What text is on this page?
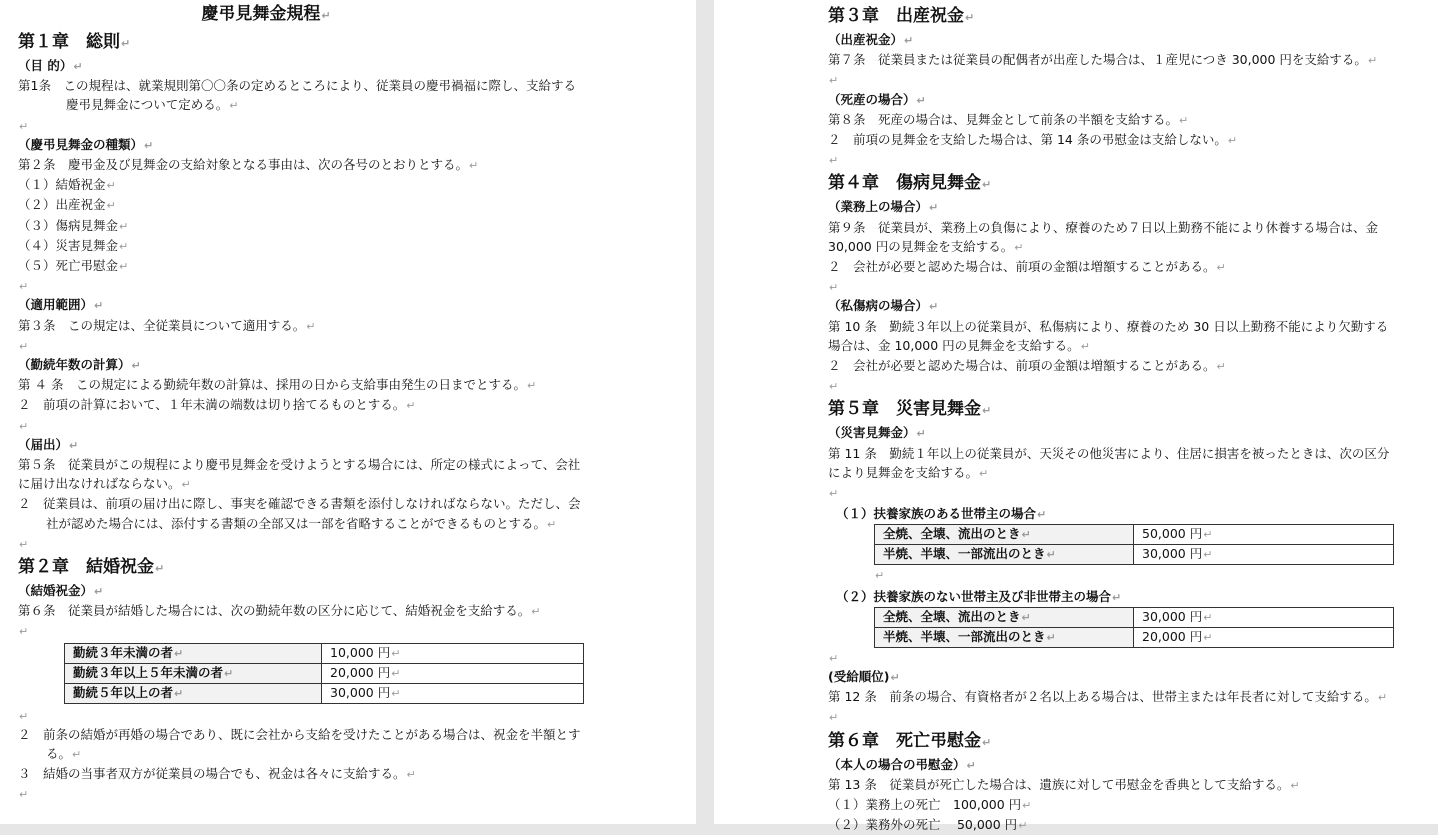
慶弔見舞金規程↵
第１章　総則↵
（目 的）↵
第1条　この規程は、就業規則第〇〇条の定めるところにより、従業員の慶弔禍福に際し、支給する慶弔見舞金について定める。↵
↵
（慶弔見舞金の種類）↵
第２条　慶弔金及び見舞金の支給対象となる事由は、次の各号のとおりとする。↵
（１）結婚祝金↵
（２）出産祝金↵
（３）傷病見舞金↵
（４）災害見舞金↵
（５）死亡弔慰金↵
↵
（適用範囲）↵
第３条　この規定は、全従業員について適用する。↵
↵
（勤続年数の計算）↵
第 ４ 条　この規定による勤続年数の計算は、採用の日から支給事由発生の日までとする。↵
２　前項の計算において、１年未満の端数は切り捨てるものとする。↵
↵
（届出）↵
第５条　従業員がこの規程により慶弔見舞金を受けようとする場合には、所定の様式によって、会社に届け出なければならない。↵
２　従業員は、前項の届け出に際し、事実を確認できる書類を添付しなければならない。ただし、会社が認めた場合には、添付する書類の全部又は一部を省略することができるものとする。↵
↵
第２章　結婚祝金↵
（結婚祝金）↵
第６条　従業員が結婚した場合には、次の勤続年数の区分に応じて、結婚祝金を支給する。↵
↵
勤続３年未満の者↵	10,000 円↵
勤続３年以上５年未満の者↵	20,000 円↵
勤続５年以上の者↵	30,000 円↵
↵
２　前条の結婚が再婚の場合であり、既に会社から支給を受けたことがある場合は、祝金を半額とする。↵
３　結婚の当事者双方が従業員の場合でも、祝金は各々に支給する。↵
↵
第３章　出産祝金↵
（出産祝金）↵
第７条　従業員または従業員の配偶者が出産した場合は、１産児につき 30,000 円を支給する。↵
↵
（死産の場合）↵
第８条　死産の場合は、見舞金として前条の半額を支給する。↵
２　前項の見舞金を支給した場合は、第 14 条の弔慰金は支給しない。↵
↵
第４章　傷病見舞金↵
（業務上の場合）↵
第９条　従業員が、業務上の負傷により、療養のため７日以上勤務不能により休養する場合は、金 30,000 円の見舞金を支給する。↵
２　会社が必要と認めた場合は、前項の金額は増額することがある。↵
↵
（私傷病の場合）↵
第 10 条　勤続３年以上の従業員が、私傷病により、療養のため 30 日以上勤務不能により欠勤する場合は、金 10,000 円の見舞金を支給する。↵
２　会社が必要と認めた場合は、前項の金額は増額することがある。↵
↵
第５章　災害見舞金↵
（災害見舞金）↵
第 11 条　勤続１年以上の従業員が、天災その他災害により、住居に損害を被ったときは、次の区分により見舞金を支給する。↵
↵
（１）扶養家族のある世帯主の場合↵
全焼、全壊、流出のとき↵	50,000 円↵
半焼、半壊、一部流出のとき↵	30,000 円↵
↵
（２）扶養家族のない世帯主及び非世帯主の場合↵
全焼、全壊、流出のとき↵	30,000 円↵
半焼、半壊、一部流出のとき↵	20,000 円↵
↵
(受給順位)↵
第 12 条　前条の場合、有資格者が２名以上ある場合は、世帯主または年長者に対して支給する。↵
↵
第６章　死亡弔慰金↵
（本人の場合の弔慰金）↵
第 13 条　従業員が死亡した場合は、遺族に対して弔慰金を香典として支給する。↵
（１）業務上の死亡　100,000 円↵
（２）業務外の死亡　 50,000 円↵
